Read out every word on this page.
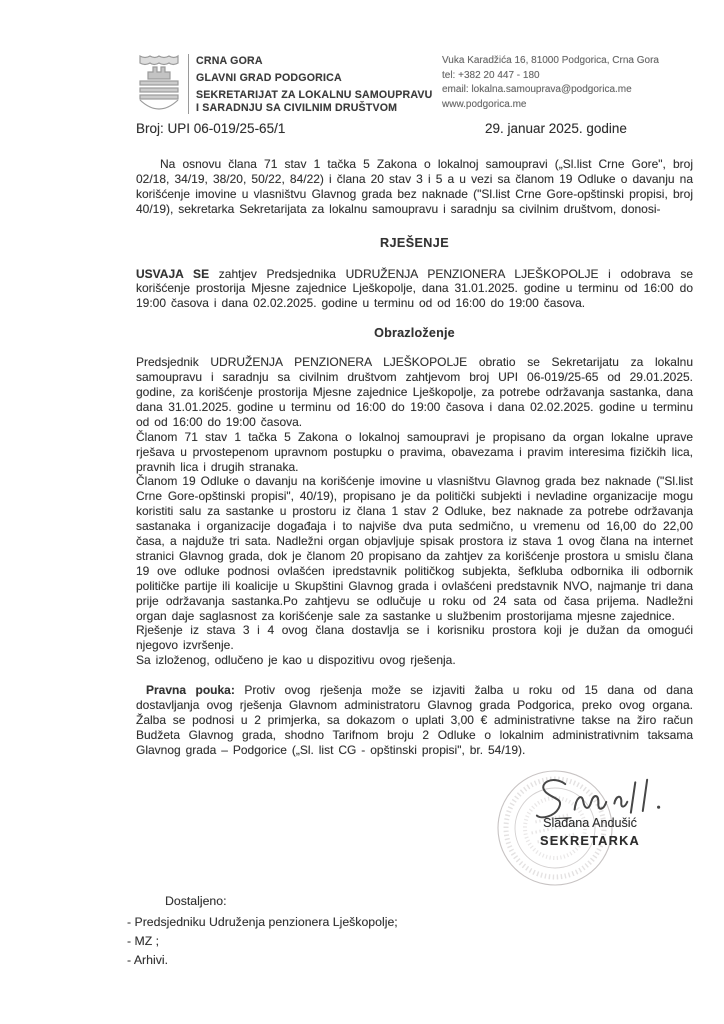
CRNA GORA
GLAVNI GRAD PODGORICA
SEKRETARIJAT ZA LOKALNU SAMOUPRAVU
I SARADNJU SA CIVILNIM DRUŠTVOM
Vuka Karadžića 16, 81000 Podgorica, Crna Gora
tel: +382 20 447 - 180
email: lokalna.samouprava@podgorica.me
www.podgorica.me
Broj: UPI 06-019/25-65/1	29. januar 2025. godine

Na osnovu člana 71 stav 1 tačka 5 Zakona o lokalnoj samoupravi („Sl.list Crne Gore", broj 02/18, 34/19, 38/20, 50/22, 84/22) i člana 20 stav 3 i 5 a u vezi sa članom 19 Odluke o davanju na korišćenje imovine u vlasništvu Glavnog grada bez naknade ("Sl.list Crne Gore-opštinski propisi, broj 40/19), sekretarka Sekretarijata za lokalnu samoupravu i saradnju sa civilnim društvom, donosi-

RJEŠENJE

USVAJA SE zahtjev Predsjednika UDRUŽENJA PENZIONERA LJEŠKOPOLJE i odobrava se korišćenje prostorija Mjesne zajednice Lješkopolje, dana 31.01.2025. godine u terminu od 16:00 do 19:00 časova i dana 02.02.2025. godine u terminu od od 16:00 do 19:00 časova.

Obrazloženje

Predsjednik UDRUŽENJA PENZIONERA LJEŠKOPOLJE obratio se Sekretarijatu za lokalnu samoupravu i saradnju sa civilnim društvom zahtjevom broj UPI 06-019/25-65 od 29.01.2025. godine, za korišćenje prostorija Mjesne zajednice Lješkopolje, za potrebe održavanja sastanka, dana dana 31.01.2025. godine u terminu od 16:00 do 19:00 časova i dana 02.02.2025. godine u terminu od od 16:00 do 19:00 časova.

Članom 71 stav 1 tačka 5 Zakona o lokalnoj samoupravi je propisano da organ lokalne uprave rješava u prvostepenom upravnom postupku o pravima, obavezama i pravim interesima fizičkih lica, pravnih lica i drugih stranaka.

Članom 19 Odluke o davanju na korišćenje imovine u vlasništvu Glavnog grada bez naknade ("Sl.list Crne Gore-opštinski propisi", 40/19), propisano je da politički subjekti i nevladine organizacije mogu koristiti salu za sastanke u prostoru iz člana 1 stav 2 Odluke, bez naknade za potrebe održavanja sastanaka i organizacije događaja i to najviše dva puta sedmično, u vremenu od 16,00 do 22,00 časa, a najduže tri sata. Nadležni organ objavljuje spisak prostora iz stava 1 ovog člana na internet stranici Glavnog grada, dok je članom 20 propisano da zahtjev za korišćenje prostora u smislu člana 19 ove odluke podnosi ovlašćen ipredstavnik političkog subjekta, šefkluba odbornika ili odbornik političke partije ili koalicije u Skupštini Glavnog grada i ovlašćeni predstavnik NVO, najmanje tri dana prije održavanja sastanka.Po zahtjevu se odlučuje u roku od 24 sata od časa prijema. Nadležni organ daje saglasnost za korišćenje sale za sastanke u službenim prostorijama mjesne zajednice.

Rješenje iz stava 3 i 4 ovog člana dostavlja se i korisniku prostora koji je dužan da omogući njegovo izvršenje.

Sa izloženog, odlučeno je kao u dispozitivu ovog rješenja.

Pravna pouka: Protiv ovog rješenja može se izjaviti žalba u roku od 15 dana od dana dostavljanja ovog rješenja Glavnom administratoru Glavnog grada Podgorica, preko ovog organa. Žalba se podnosi u 2 primjerka, sa dokazom o uplati 3,00 € administrativne takse na žiro račun Budžeta Glavnog grada, shodno Tarifnom broju 2 Odluke o lokalnim administrativnim taksama Glavnog grada – Podgorice („Sl. list CG - opštinski propisi", br. 54/19).

Slađana Andušić
SEKRETARKA
Dostaljeno:
- Predsjedniku Udruženja penzionera Lješkopolje;
- MZ ;
- Arhivi.
